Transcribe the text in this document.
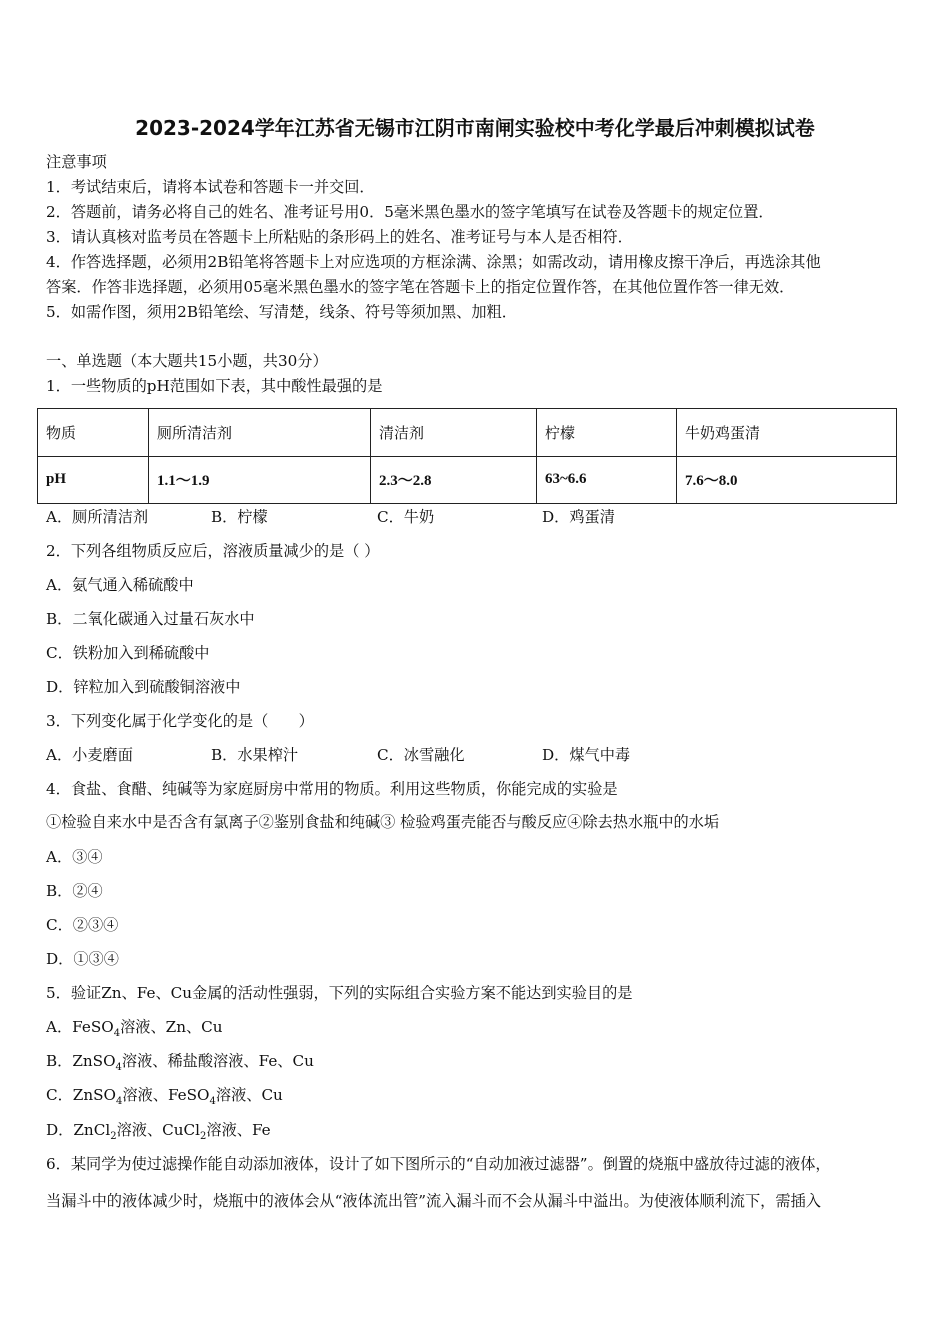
2023-2024学年江苏省无锡市江阴市南闸实验校中考化学最后冲刺模拟试卷
注意事项
1．考试结束后，请将本试卷和答题卡一并交回．
2．答题前，请务必将自己的姓名、准考证号用0．5毫米黑色墨水的签字笔填写在试卷及答题卡的规定位置．
3．请认真核对监考员在答题卡上所粘贴的条形码上的姓名、准考证号与本人是否相符．
4．作答选择题，必须用2B铅笔将答题卡上对应选项的方框涂满、涂黑；如需改动，请用橡皮擦干净后，再选涂其他
答案．作答非选择题，必须用05毫米黑色墨水的签字笔在答题卡上的指定位置作答，在其他位置作答一律无效．
5．如需作图，须用2B铅笔绘、写清楚，线条、符号等须加黑、加粗．
一、单选题（本大题共15小题，共30分）
1．一些物质的pH范围如下表，其中酸性最强的是
物质	厕所清洁剂	清洁剂	柠檬	牛奶鸡蛋清
pH	1.1～1.9	2.3～2.8	63~6.6	7.6～8.0
A．厕所清洁剂	B．柠檬	C．牛奶	D．鸡蛋清
2．下列各组物质反应后，溶液质量减少的是（ ）
A．氨气通入稀硫酸中
B．二氧化碳通入过量石灰水中
C．铁粉加入到稀硫酸中
D．锌粒加入到硫酸铜溶液中
3．下列变化属于化学变化的是（　　）
A．小麦磨面	B．水果榨汁	C．冰雪融化	D．煤气中毒
4．食盐、食醋、纯碱等为家庭厨房中常用的物质。利用这些物质，你能完成的实验是
①检验自来水中是否含有氯离子②鉴别食盐和纯碱③ 检验鸡蛋壳能否与酸反应④除去热水瓶中的水垢
A．③④
B．②④
C．②③④
D．①③④
5．验证Zn、Fe、Cu金属的活动性强弱，下列的实际组合实验方案不能达到实验目的是
A．FeSO$_4$溶液、Zn、Cu
B．ZnSO$_4$溶液、稀盐酸溶液、Fe、Cu
C．ZnSO$_4$溶液、FeSO$_4$溶液、Cu
D．ZnCl$_2$溶液、CuCl$_2$溶液、Fe
6．某同学为使过滤操作能自动添加液体，设计了如下图所示的“自动加液过滤器”。倒置的烧瓶中盛放待过滤的液体，
当漏斗中的液体减少时，烧瓶中的液体会从“液体流出管”流入漏斗而不会从漏斗中溢出。为使液体顺利流下，需插入
